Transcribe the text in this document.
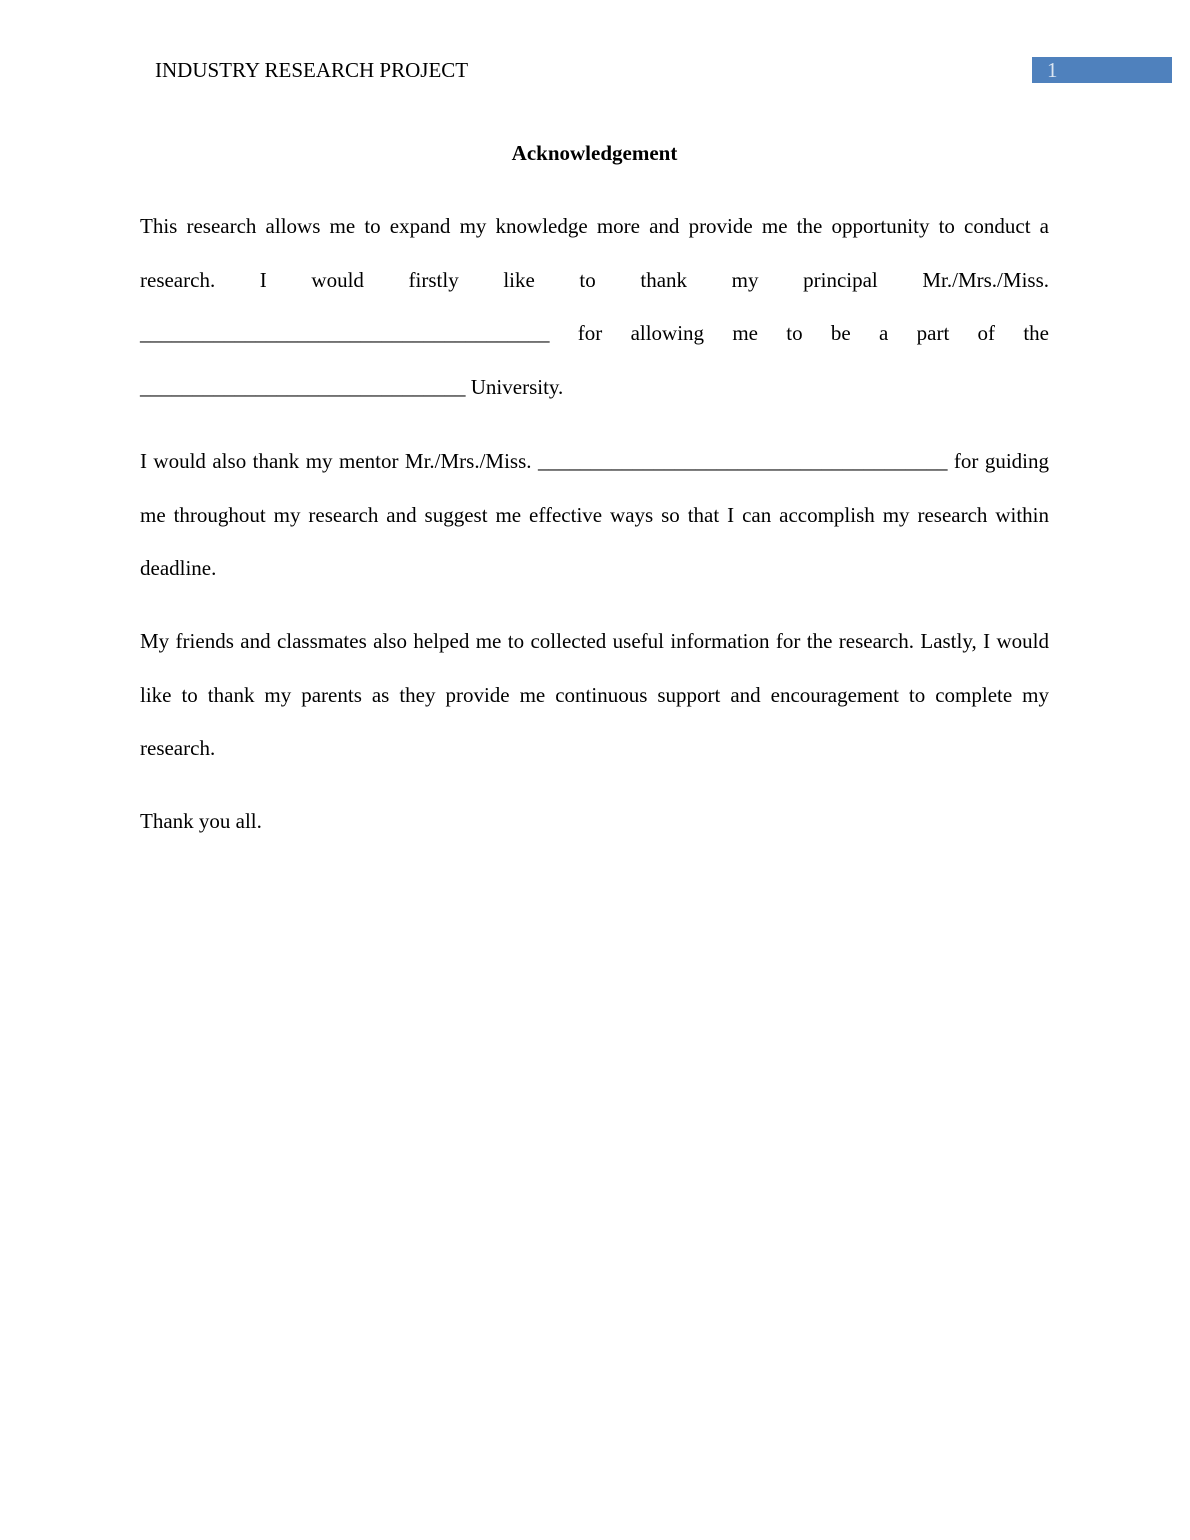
INDUSTRY RESEARCH PROJECT	1
Acknowledgement

This research allows me to expand my knowledge more and provide me the opportunity to conduct a research. I would firstly like to thank my principal Mr./Mrs./Miss. _______________________________________ for allowing me to be a part of the _______________________________ University.

I would also thank my mentor Mr./Mrs./Miss. _______________________________________ for guiding me throughout my research and suggest me effective ways so that I can accomplish my research within deadline.

My friends and classmates also helped me to collected useful information for the research. Lastly, I would like to thank my parents as they provide me continuous support and encouragement to complete my research.

Thank you all.
